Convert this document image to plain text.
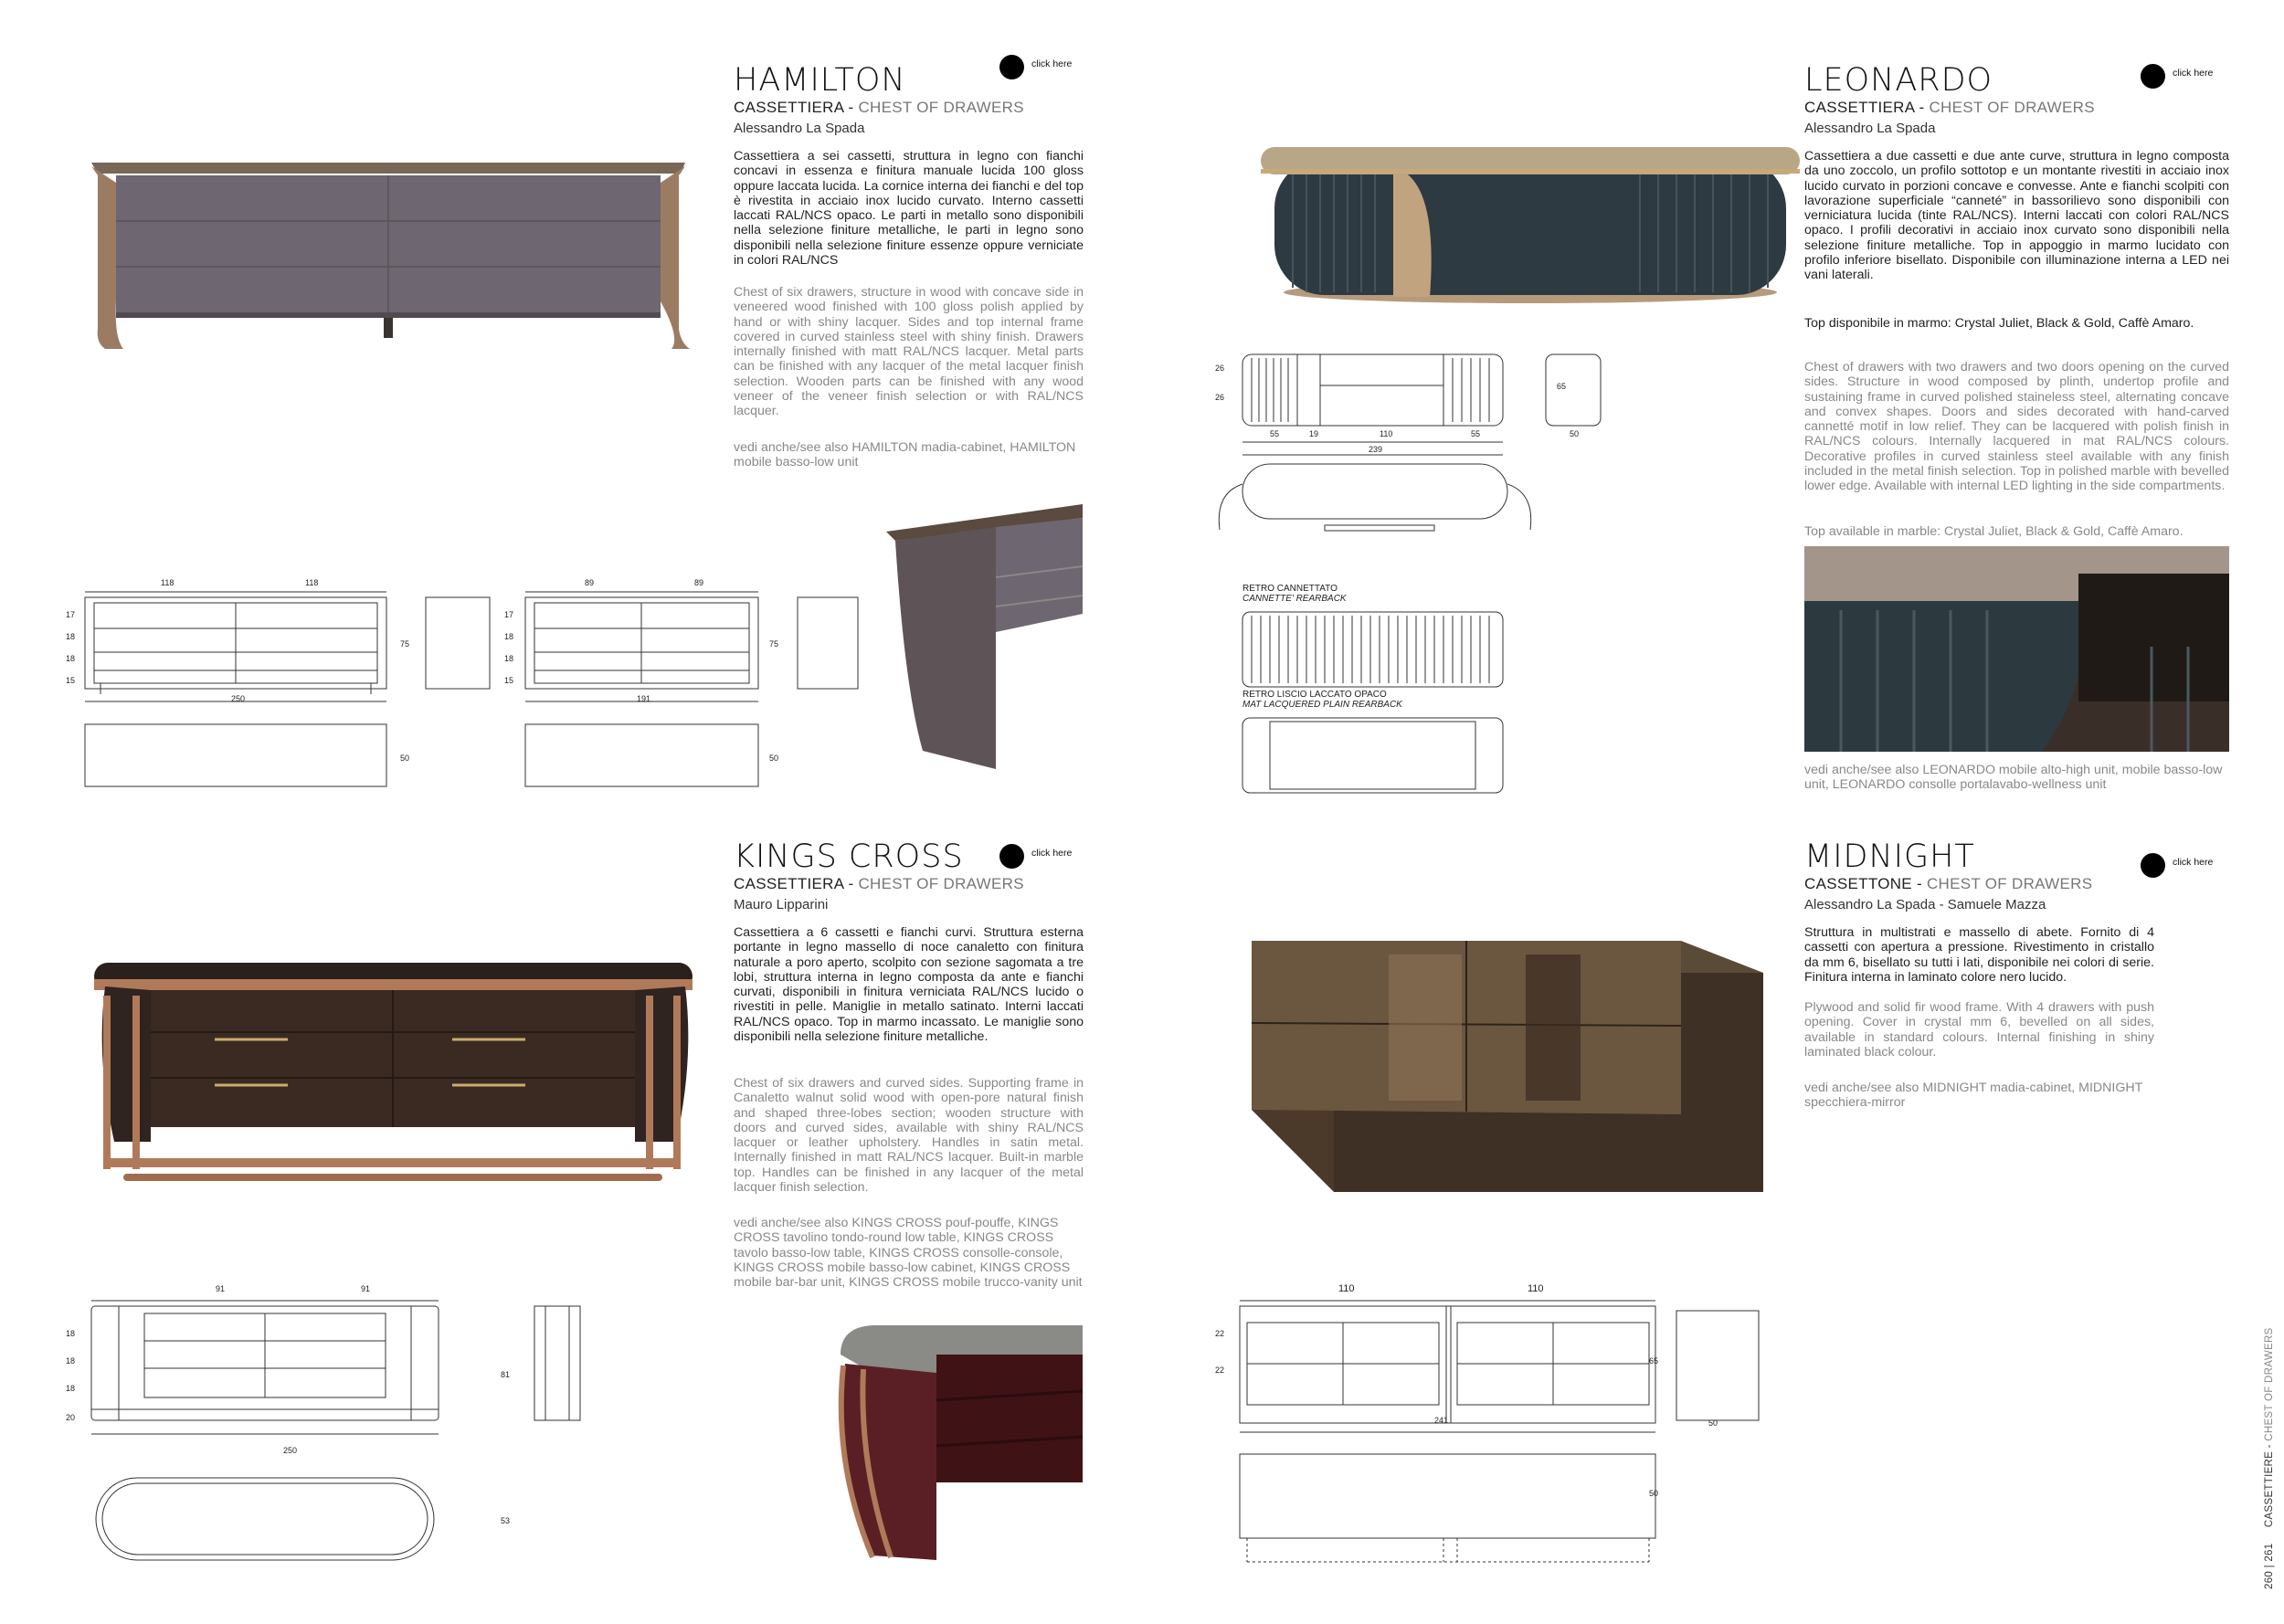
HAMILTON	click here
CASSETTIERA - CHEST OF DRAWERS
Alessandro La Spada
Cassettiera a sei cassetti, struttura in legno con fianchi concavi in essenza e finitura manuale lucida 100 gloss oppure laccata lucida. La cornice interna dei fianchi e del top è rivestita in acciaio inox lucido curvato. Interno cassetti laccati RAL/NCS opaco. Le parti in metallo sono disponibili nella selezione finiture metalliche, le parti in legno sono disponibili nella selezione finiture essenze oppure verniciate in colori RAL/NCS
Chest of six drawers, structure in wood with concave side in veneered wood finished with 100 gloss polish applied by hand or with shiny lacquer. Sides and top internal frame covered in curved stainless steel with shiny finish. Drawers internally finished with matt RAL/NCS lacquer. Metal parts can be finished with any lacquer of the metal lacquer finish selection. Wooden parts can be finished with any wood veneer of the veneer finish selection or with RAL/NCS lacquer.
vedi anche/see also HAMILTON madia-cabinet, HAMILTON mobile basso-low unit
118	118
250
75
50
17
18
18
15
89	89
191
75
50
17
18
18
15
LEONARDO	click here
CASSETTIERA - CHEST OF DRAWERS
Alessandro La Spada
Cassettiera a due cassetti e due ante curve, struttura in legno composta da uno zoccolo, un profilo sottotop e un montante rivestiti in acciaio inox lucido curvato in porzioni concave e convesse. Ante e fianchi scolpiti con lavorazione superficiale “canneté” in bassorilievo sono disponibili con verniciatura lucida (tinte RAL/NCS). Interni laccati con colori RAL/NCS opaco. I profili decorativi in acciaio inox curvato sono disponibili nella selezione finiture metalliche. Top in appoggio in marmo lucidato con profilo inferiore bisellato. Disponibile con illuminazione interna a LED nei vani laterali.
Top disponibile in marmo: Crystal Juliet, Black & Gold, Caffè Amaro.
Chest of drawers with two drawers and two doors opening on the curved sides. Structure in wood composed by plinth, undertop profile and sustaining frame in curved polished staineless steel, alternating concave and convex shapes. Doors and sides decorated with hand-carved cannetté motif in low relief. They can be lacquered with polish finish in RAL/NCS colours. Internally lacquered in mat RAL/NCS colours. Decorative profiles in curved stainless steel available with any finish included in the metal finish selection. Top in polished marble with bevelled lower edge. Available with internal LED lighting in the side compartments.
Top available in marble: Crystal Juliet, Black & Gold, Caffè Amaro.
vedi anche/see also LEONARDO mobile alto-high unit, mobile basso-low unit, LEONARDO consolle portalavabo-wellness unit
55	19	110	55
239
26
26
65
50
RETRO CANNETTATO
CANNETTE' REARBACK
RETRO LISCIO LACCATO OPACO
MAT LACQUERED PLAIN REARBACK
KINGS CROSS	click here
CASSETTIERA - CHEST OF DRAWERS
Mauro Lipparini
Cassettiera a 6 cassetti e fianchi curvi. Struttura esterna portante in legno massello di noce canaletto con finitura naturale a poro aperto, scolpito con sezione sagomata a tre lobi, struttura interna in legno composta da ante e fianchi curvati, disponibili in finitura verniciata RAL/NCS lucido o rivestiti in pelle. Maniglie in metallo satinato. Interni laccati RAL/NCS opaco. Top in marmo incassato. Le maniglie sono disponibili nella selezione finiture metalliche.
Chest of six drawers and curved sides. Supporting frame in Canaletto walnut solid wood with open-pore natural finish and shaped three-lobes section; wooden structure with doors and curved sides, available with shiny RAL/NCS lacquer or leather upholstery. Handles in satin metal. Internally finished in matt RAL/NCS lacquer. Built-in marble top. Handles can be finished in any lacquer of the metal lacquer finish selection.
vedi anche/see also KINGS CROSS pouf-pouffe, KINGS CROSS tavolino tondo-round low table, KINGS CROSS tavolo basso-low table, KINGS CROSS consolle-console, KINGS CROSS mobile basso-low cabinet, KINGS CROSS mobile bar-bar unit, KINGS CROSS mobile trucco-vanity unit
91	91
250
81
53
18
18
18
20
MIDNIGHT	click here
CASSETTONE - CHEST OF DRAWERS
Alessandro La Spada - Samuele Mazza
Struttura in multistrati e massello di abete. Fornito di 4 cassetti con apertura a pressione. Rivestimento in cristallo da mm 6, bisellato su tutti i lati, disponibile nei colori di serie. Finitura interna in laminato colore nero lucido.
Plywood and solid fir wood frame. With 4 drawers with push opening. Cover in crystal mm 6, bevelled on all sides, available in standard colours. Internal finishing in shiny laminated black colour.
vedi anche/see also MIDNIGHT madia-cabinet, MIDNIGHT specchiera-mirror
110	110
241
65
50
50
22
22
260 | 261     CASSETTIERE - CHEST OF DRAWERS
